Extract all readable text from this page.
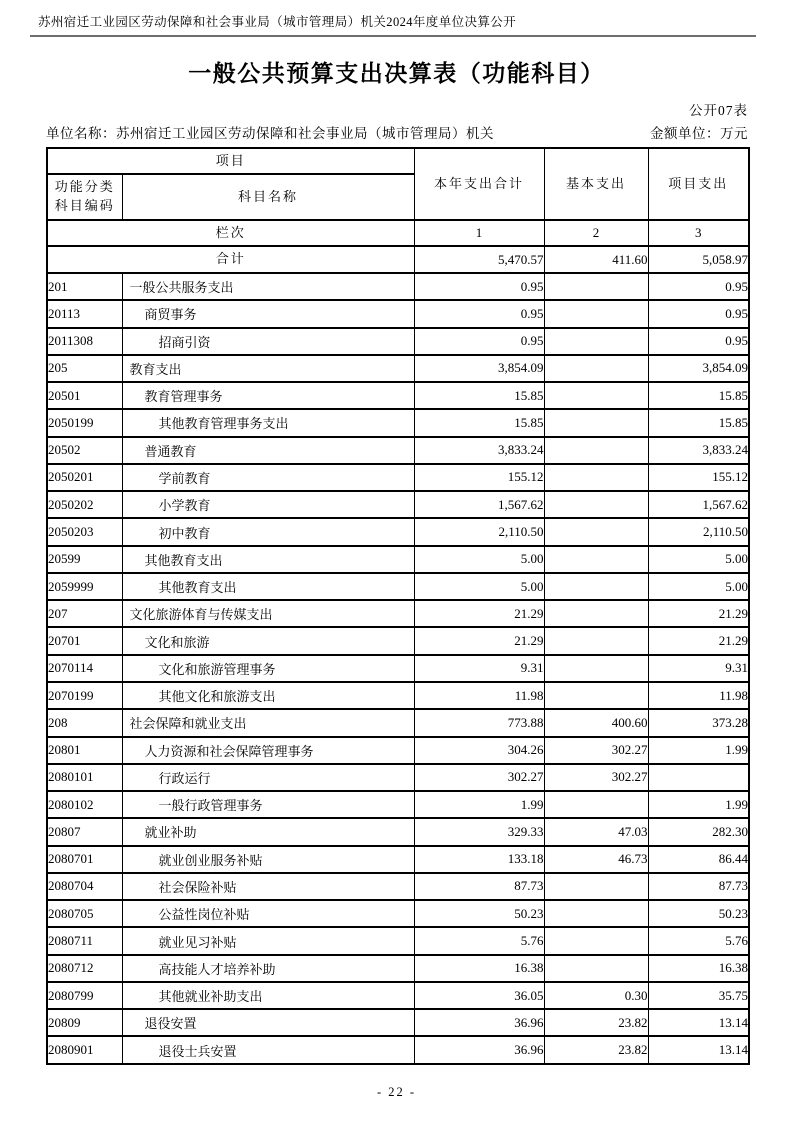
苏州宿迁工业园区劳动保障和社会事业局（城市管理局）机关2024年度单位决算公开
一般公共预算支出决算表（功能科目）
公开07表
单位名称：苏州宿迁工业园区劳动保障和社会事业局（城市管理局）机关	金额单位：万元
项目		本年支出合计	基本支出	项目支出
功能分类
科目编码	科目名称			
栏次		1	2	3
合计		5,470.57	411.60	5,058.97
201	一般公共服务支出	0.95		0.95
20113	商贸事务	0.95		0.95
2011308	招商引资	0.95		0.95
205	教育支出	3,854.09		3,854.09
20501	教育管理事务	15.85		15.85
2050199	其他教育管理事务支出	15.85		15.85
20502	普通教育	3,833.24		3,833.24
2050201	学前教育	155.12		155.12
2050202	小学教育	1,567.62		1,567.62
2050203	初中教育	2,110.50		2,110.50
20599	其他教育支出	5.00		5.00
2059999	其他教育支出	5.00		5.00
207	文化旅游体育与传媒支出	21.29		21.29
20701	文化和旅游	21.29		21.29
2070114	文化和旅游管理事务	9.31		9.31
2070199	其他文化和旅游支出	11.98		11.98
208	社会保障和就业支出	773.88	400.60	373.28
20801	人力资源和社会保障管理事务	304.26	302.27	1.99
2080101	行政运行	302.27	302.27	
2080102	一般行政管理事务	1.99		1.99
20807	就业补助	329.33	47.03	282.30
2080701	就业创业服务补贴	133.18	46.73	86.44
2080704	社会保险补贴	87.73		87.73
2080705	公益性岗位补贴	50.23		50.23
2080711	就业见习补贴	5.76		5.76
2080712	高技能人才培养补助	16.38		16.38
2080799	其他就业补助支出	36.05	0.30	35.75
20809	退役安置	36.96	23.82	13.14
2080901	退役士兵安置	36.96	23.82	13.14
- 22 -
